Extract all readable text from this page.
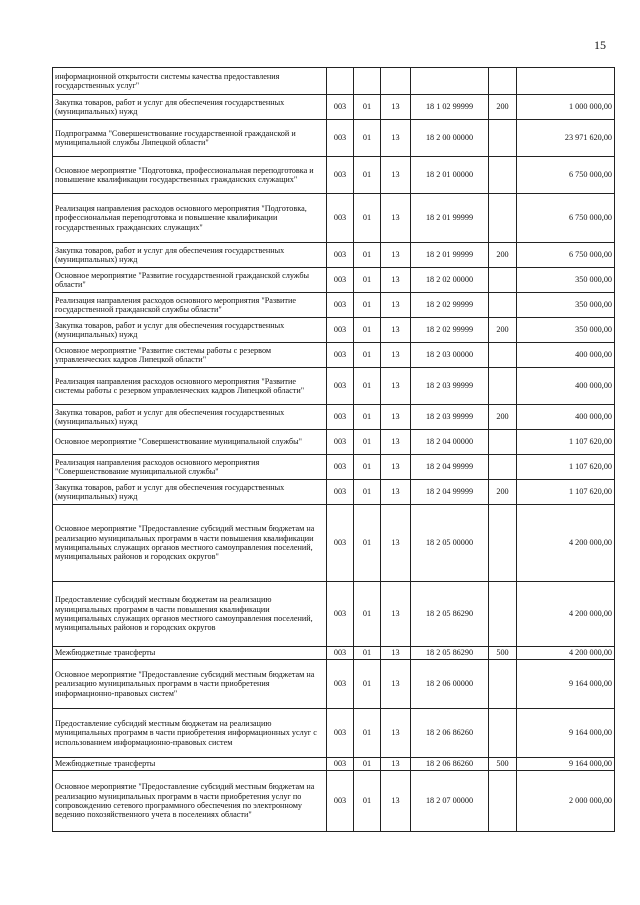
15
информационной открытости системы качества предоставления государственных услуг"						
Закупка товаров, работ и услуг для обеспечения государственных (муниципальных) нужд	003	01	13	18 1 02 99999	200	1 000 000,00
Подпрограмма "Совершенствование государственной гражданской и муниципальной службы Липецкой области"	003	01	13	18 2 00 00000		23 971 620,00
Основное мероприятие "Подготовка, профессиональная переподготовка и повышение квалификации государственных гражданских служащих"	003	01	13	18 2 01 00000		6 750 000,00
Реализация направления расходов основного мероприятия "Подготовка, профессиональная переподготовка и повышение квалификации государственных гражданских служащих"	003	01	13	18 2 01 99999		6 750 000,00
Закупка товаров, работ и услуг для обеспечения государственных (муниципальных) нужд	003	01	13	18 2 01 99999	200	6 750 000,00
Основное мероприятие "Развитие государственной гражданской службы области"	003	01	13	18 2 02 00000		350 000,00
Реализация направления расходов основного мероприятия "Развитие государственной гражданской службы области"	003	01	13	18 2 02 99999		350 000,00
Закупка товаров, работ и услуг для обеспечения государственных (муниципальных) нужд	003	01	13	18 2 02 99999	200	350 000,00
Основное мероприятие "Развитие системы работы с резервом управленческих кадров Липецкой области"	003	01	13	18 2 03 00000		400 000,00
Реализация направления расходов основного мероприятия "Развитие системы работы с резервом управленческих кадров Липецкой области"	003	01	13	18 2 03 99999		400 000,00
Закупка товаров, работ и услуг для обеспечения государственных (муниципальных) нужд	003	01	13	18 2 03 99999	200	400 000,00
Основное мероприятие "Совершенствование муниципальной службы"	003	01	13	18 2 04 00000		1 107 620,00
Реализация направления расходов основного мероприятия "Совершенствование муниципальной службы"	003	01	13	18 2 04 99999		1 107 620,00
Закупка товаров, работ и услуг для обеспечения государственных (муниципальных) нужд	003	01	13	18 2 04 99999	200	1 107 620,00
Основное мероприятие "Предоставление субсидий местным бюджетам на реализацию муниципальных программ в части повышения квалификации муниципальных служащих органов местного самоуправления поселений, муниципальных районов и городских округов"	003	01	13	18 2 05 00000		4 200 000,00
Предоставление субсидий местным бюджетам на реализацию муниципальных программ в части повышения квалификации муниципальных служащих органов местного самоуправления поселений, муниципальных районов и городских округов	003	01	13	18 2 05 86290		4 200 000,00
Межбюджетные трансферты	003	01	13	18 2 05 86290	500	4 200 000,00
Основное мероприятие "Предоставление субсидий местным бюджетам на реализацию муниципальных программ в части приобретения информационно-правовых систем"	003	01	13	18 2 06 00000		9 164 000,00
Предоставление субсидий местным бюджетам на реализацию муниципальных программ в части приобретения информационных услуг с использованием информационно-правовых систем	003	01	13	18 2 06 86260		9 164 000,00
Межбюджетные трансферты	003	01	13	18 2 06 86260	500	9 164 000,00
Основное мероприятие "Предоставление субсидий местным бюджетам на реализацию муниципальных программ в части приобретения услуг по сопровождению сетевого программного обеспечения по электронному ведению похозяйственного учета в поселениях области"	003	01	13	18 2 07 00000		2 000 000,00
